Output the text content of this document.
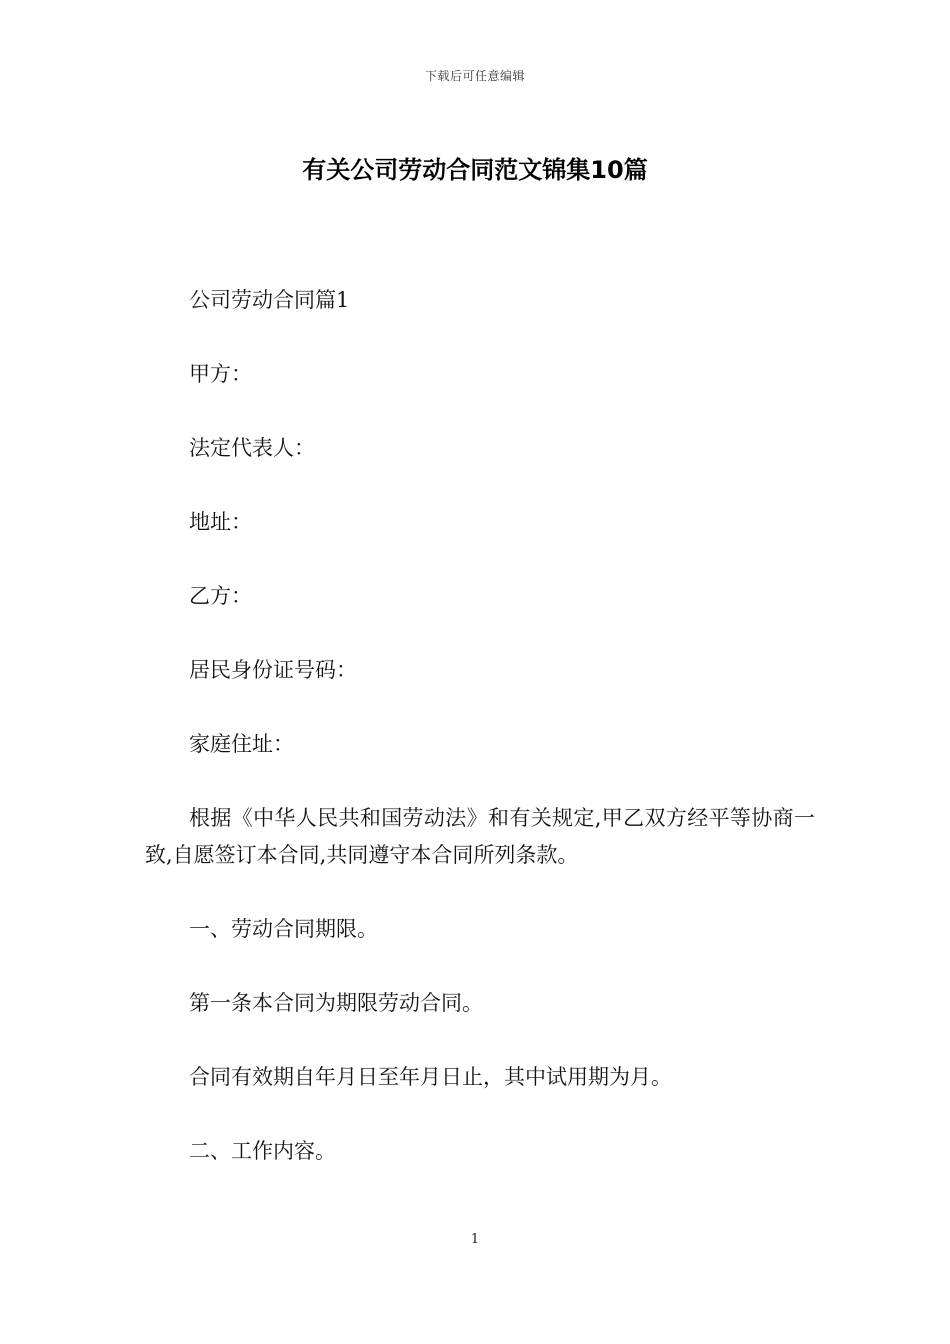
下载后可任意编辑
有关公司劳动合同范文锦集10篇

公司劳动合同篇1

甲方：

法定代表人：

地址：

乙方：

居民身份证号码：

家庭住址：

根据《中华人民共和国劳动法》和有关规定,甲乙双方经平等协商一致,自愿签订本合同,共同遵守本合同所列条款。

一、劳动合同期限。

第一条本合同为期限劳动合同。

合同有效期自年月日至年月日止，其中试用期为月。

二、工作内容。

1
